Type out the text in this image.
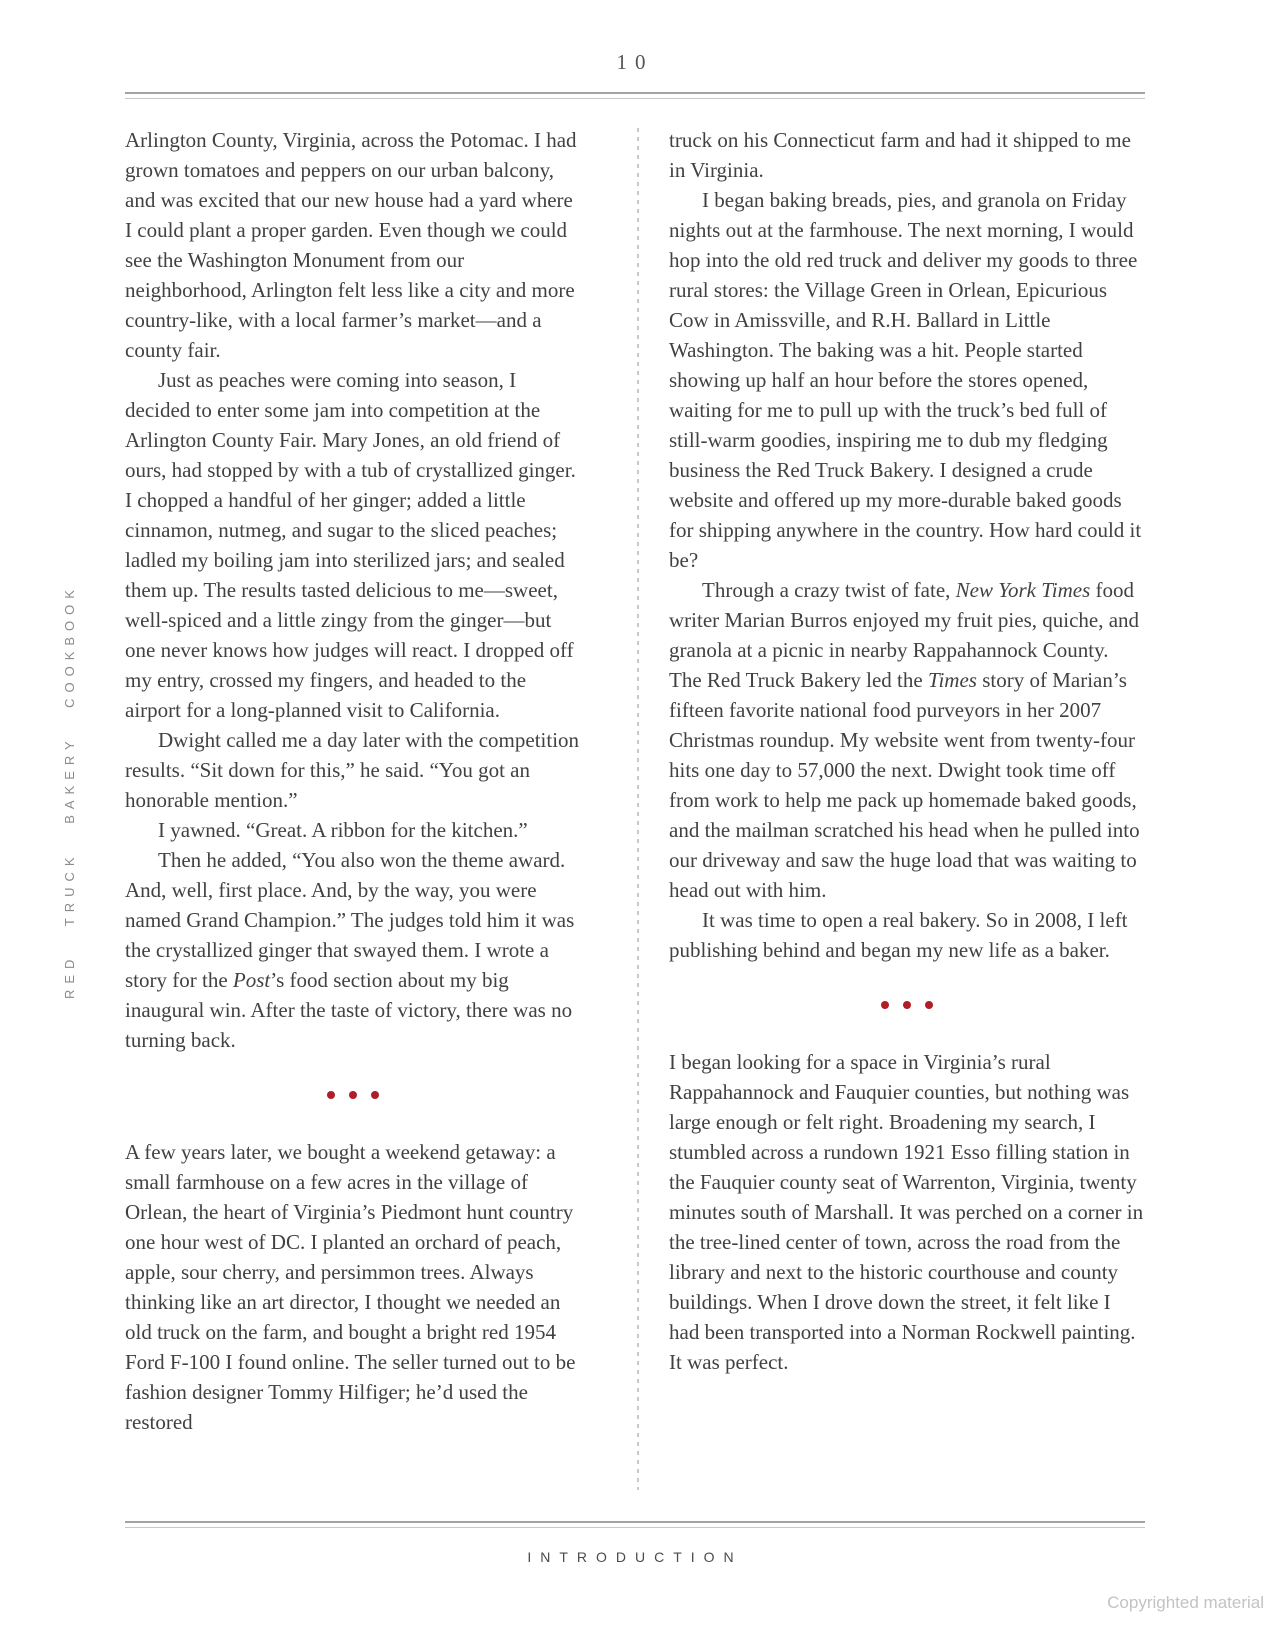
10
RED TRUCK BAKERY COOKBOOK

Arlington County, Virginia, across the Potomac. I had grown tomatoes and peppers on our urban balcony, and was excited that our new house had a yard where I could plant a proper garden. Even though we could see the Washington Monument from our neighborhood, Arlington felt less like a city and more country-like, with a local farmer’s market—and a county fair.

Just as peaches were coming into season, I decided to enter some jam into competition at the Arlington County Fair. Mary Jones, an old friend of ours, had stopped by with a tub of crystallized ginger. I chopped a handful of her ginger; added a little cinnamon, nutmeg, and sugar to the sliced peaches; ladled my boiling jam into sterilized jars; and sealed them up. The results tasted delicious to me—sweet, well-spiced and a little zingy from the ginger—but one never knows how judges will react. I dropped off my entry, crossed my fingers, and headed to the airport for a long-planned visit to California.

Dwight called me a day later with the competition results. “Sit down for this,” he said. “You got an honorable mention.”

I yawned. “Great. A ribbon for the kitchen.”

Then he added, “You also won the theme award. And, well, first place. And, by the way, you were named Grand Champion.” The judges told him it was the crystallized ginger that swayed them. I wrote a story for the Post’s food section about my big inaugural win. After the taste of victory, there was no turning back.

A few years later, we bought a weekend getaway: a small farmhouse on a few acres in the village of Orlean, the heart of Virginia’s Piedmont hunt country one hour west of DC. I planted an orchard of peach, apple, sour cherry, and persimmon trees. Always thinking like an art director, I thought we needed an old truck on the farm, and bought a bright red 1954 Ford F-100 I found online. The seller turned out to be fashion designer Tommy Hilfiger; he’d used the restored

truck on his Connecticut farm and had it shipped to me in Virginia.

I began baking breads, pies, and granola on Friday nights out at the farmhouse. The next morning, I would hop into the old red truck and deliver my goods to three rural stores: the Village Green in Orlean, Epicurious Cow in Amissville, and R.H. Ballard in Little Washington. The baking was a hit. People started showing up half an hour before the stores opened, waiting for me to pull up with the truck’s bed full of still-warm goodies, inspiring me to dub my fledging business the Red Truck Bakery. I designed a crude website and offered up my more-durable baked goods for shipping anywhere in the country. How hard could it be?

Through a crazy twist of fate, New York Times food writer Marian Burros enjoyed my fruit pies, quiche, and granola at a picnic in nearby Rappahannock County. The Red Truck Bakery led the Times story of Marian’s fifteen favorite national food purveyors in her 2007 Christmas roundup. My website went from twenty-four hits one day to 57,000 the next. Dwight took time off from work to help me pack up homemade baked goods, and the mailman scratched his head when he pulled into our driveway and saw the huge load that was waiting to head out with him.

It was time to open a real bakery. So in 2008, I left publishing behind and began my new life as a baker.

I began looking for a space in Virginia’s rural Rappahannock and Fauquier counties, but nothing was large enough or felt right. Broadening my search, I stumbled across a rundown 1921 Esso filling station in the Fauquier county seat of Warrenton, Virginia, twenty minutes south of Marshall. It was perched on a corner in the tree-lined center of town, across the road from the library and next to the historic courthouse and county buildings. When I drove down the street, it felt like I had been transported into a Norman Rockwell painting. It was perfect.

INTRODUCTION
Copyrighted material
